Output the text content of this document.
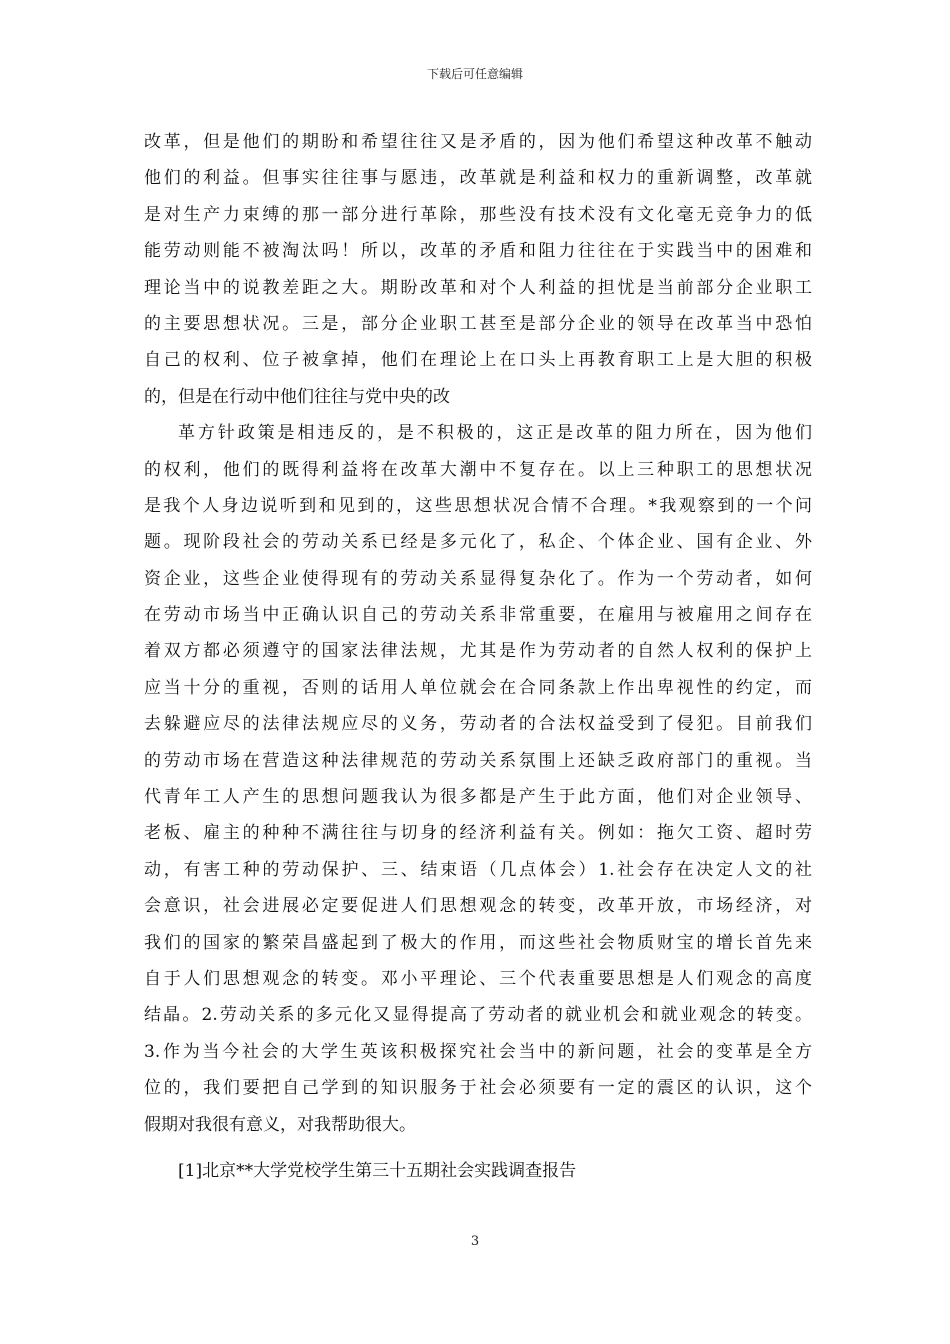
下载后可任意编辑
改革，但是他们的期盼和希望往往又是矛盾的，因为他们希望这种改革不触动
他们的利益。但事实往往事与愿违，改革就是利益和权力的重新调整，改革就
是对生产力束缚的那一部分进行革除，那些没有技术没有文化毫无竞争力的低
能劳动则能不被淘汰吗！所以，改革的矛盾和阻力往往在于实践当中的困难和
理论当中的说教差距之大。期盼改革和对个人利益的担忧是当前部分企业职工
的主要思想状况。三是，部分企业职工甚至是部分企业的领导在改革当中恐怕
自己的权利、位子被拿掉，他们在理论上在口头上再教育职工上是大胆的积极
的，但是在行动中他们往往与党中央的改
革方针政策是相违反的，是不积极的，这正是改革的阻力所在，因为他们
的权利，他们的既得利益将在改革大潮中不复存在。以上三种职工的思想状况
是我个人身边说听到和见到的，这些思想状况合情不合理。*我观察到的一个问
题。现阶段社会的劳动关系已经是多元化了，私企、个体企业、国有企业、外
资企业，这些企业使得现有的劳动关系显得复杂化了。作为一个劳动者，如何
在劳动市场当中正确认识自己的劳动关系非常重要，在雇用与被雇用之间存在
着双方都必须遵守的国家法律法规，尤其是作为劳动者的自然人权利的保护上
应当十分的重视，否则的话用人单位就会在合同条款上作出卑视性的约定，而
去躲避应尽的法律法规应尽的义务，劳动者的合法权益受到了侵犯。目前我们
的劳动市场在营造这种法律规范的劳动关系氛围上还缺乏政府部门的重视。当
代青年工人产生的思想问题我认为很多都是产生于此方面，他们对企业领导、
老板、雇主的种种不满往往与切身的经济利益有关。例如：拖欠工资、超时劳
动，有害工种的劳动保护、三、结束语（几点体会）1.社会存在决定人文的社
会意识，社会进展必定要促进人们思想观念的转变，改革开放，市场经济，对
我们的国家的繁荣昌盛起到了极大的作用，而这些社会物质财宝的增长首先来
自于人们思想观念的转变。邓小平理论、三个代表重要思想是人们观念的高度
结晶。2.劳动关系的多元化又显得提高了劳动者的就业机会和就业观念的转变。
3.作为当今社会的大学生英该积极探究社会当中的新问题，社会的变革是全方
位的，我们要把自己学到的知识服务于社会必须要有一定的震区的认识，这个
假期对我很有意义，对我帮助很大。
[1]北京**大学党校学生第三十五期社会实践调查报告
3
